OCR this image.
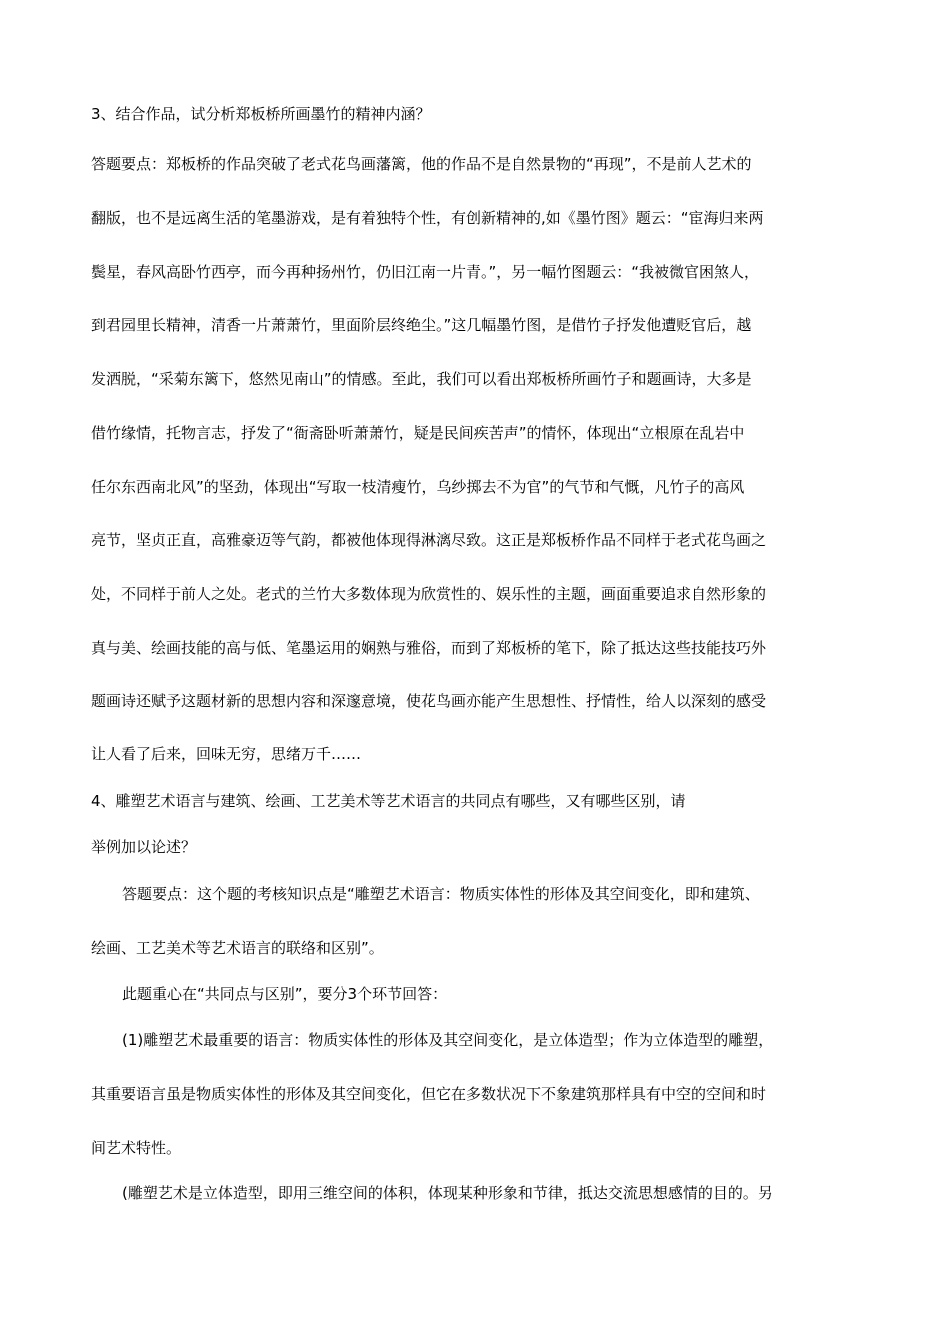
3、结合作品，试分析郑板桥所画墨竹的精神内涵？
答题要点：郑板桥的作品突破了老式花鸟画藩篱，他的作品不是自然景物的“再现”，不是前人艺术的
翻版，也不是远离生活的笔墨游戏，是有着独特个性，有创新精神的,如《墨竹图》题云：“宦海归来两
鬓星，春风高卧竹西亭，而今再种扬州竹，仍旧江南一片青。”，另一幅竹图题云：“我被微官困煞人，
到君园里长精神，清香一片萧萧竹，里面阶层终绝尘。”这几幅墨竹图，是借竹子抒发他遭贬官后，越
发洒脱，“采菊东篱下，悠然见南山”的情感。至此，我们可以看出郑板桥所画竹子和题画诗，大多是
借竹缘情，托物言志，抒发了“衙斋卧听萧萧竹，疑是民间疾苦声”的情怀，体现出“立根原在乱岩中
任尔东西南北风”的坚劲，体现出“写取一枝清瘦竹，乌纱掷去不为官”的气节和气慨，凡竹子的高风
亮节，坚贞正直，高雅豪迈等气韵，都被他体现得淋漓尽致。这正是郑板桥作品不同样于老式花鸟画之
处，不同样于前人之处。老式的兰竹大多数体现为欣赏性的、娱乐性的主题，画面重要追求自然形象的
真与美、绘画技能的高与低、笔墨运用的娴熟与雅俗，而到了郑板桥的笔下，除了抵达这些技能技巧外
题画诗还赋予这题材新的思想内容和深邃意境，使花鸟画亦能产生思想性、抒情性，给人以深刻的感受
让人看了后来，回味无穷，思绪万千……
4、雕塑艺术语言与建筑、绘画、工艺美术等艺术语言的共同点有哪些，又有哪些区别，请
举例加以论述？
答题要点：这个题的考核知识点是“雕塑艺术语言：物质实体性的形体及其空间变化，即和建筑、
绘画、工艺美术等艺术语言的联络和区别”。
此题重心在“共同点与区别”，要分3个环节回答：
(1)雕塑艺术最重要的语言：物质实体性的形体及其空间变化，是立体造型；作为立体造型的雕塑，
其重要语言虽是物质实体性的形体及其空间变化，但它在多数状况下不象建筑那样具有中空的空间和时
间艺术特性。
(雕塑艺术是立体造型，即用三维空间的体积，体现某种形象和节律，抵达交流思想感情的目的。另
